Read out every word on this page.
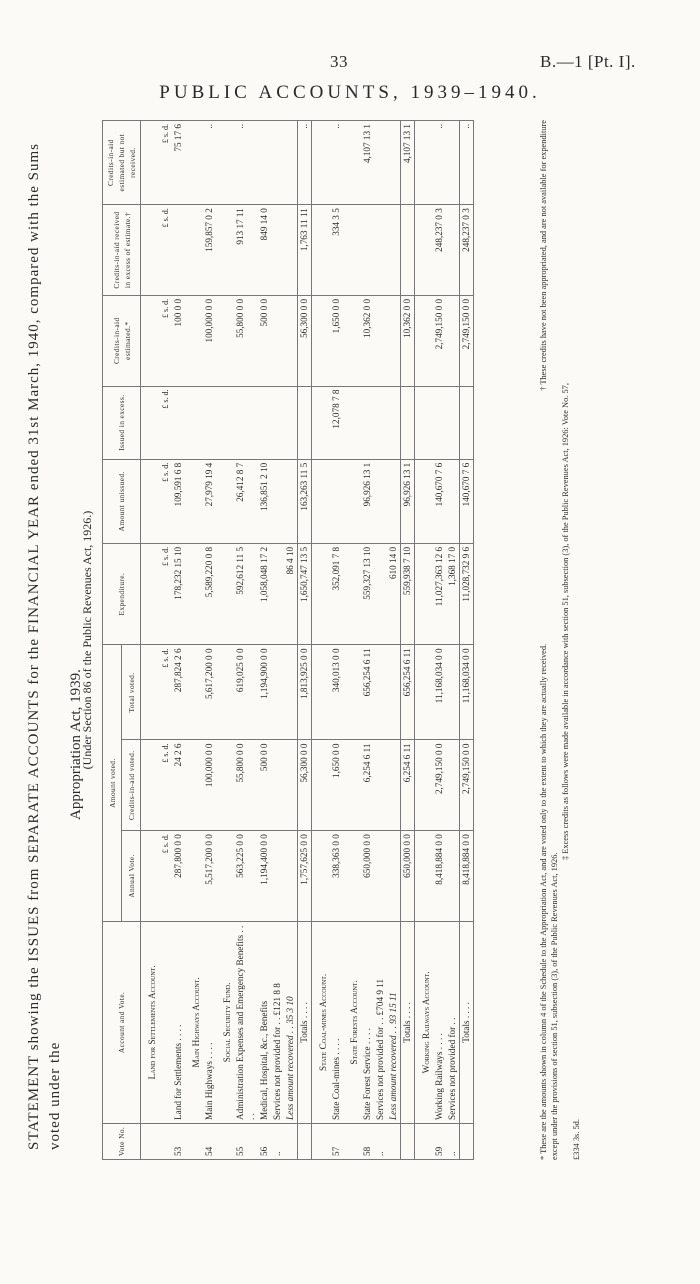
33	B.—1 [Pt. I].
PUBLIC ACCOUNTS, 1939–1940.
STATEMENT showing the ISSUES from SEPARATE ACCOUNTS for the FINANCIAL YEAR ended 31st March, 1940, compared with the Sums voted under the
Appropriation Act, 1939.
(Under Section 86 of the Public Revenues Act, 1926.)
Vote No.	Account and Vote.	Amount voted.			Expenditure.	Amount unissued.	Issued in excess.	Credits-in-aid estimated.*	Credits-in-aid received in excess of estimate.†	Credits-in-aid estimated but not received.
		Annual Vote.	Credits-in-aid voted.	Total voted.						
	Land for Settlements Account.									
		£ s. d.	£ s. d.	£ s. d.	£ s. d.	£ s. d.	£ s. d.	£ s. d.	£ s. d.	£ s. d.
53	Land for Settlements . . . .	287,800 0 0	24 2 6	287,824 2 6	178,232 15 10	109,591 6 8		100 0 0		75 17 6
	Main Highways Account.									
54	Main Highways . . . .	5,517,200 0 0	100,000 0 0	5,617,200 0 0	5,589,220 0 8	27,979 19 4		100,000 0 0	159,857 0 2	..
	Social Security Fund.									
55	Administration Expenses and Emergency Benefits . . . .	563,225 0 0	55,800 0 0	619,025 0 0	592,612 11 5	26,412 8 7		55,800 0 0	913 17 11	..
56	Medical, Hospital, &c., Benefits	1,194,400 0 0	500 0 0	1,194,900 0 0	1,058,048 17 2	136,851 2 10		500 0 0	849 14 0	
..	Services not provided for . . £121 8 8									
	Less amount recovered . . 35 3 10				86 4 10					
	Totals . . . .	1,757,625 0 0	56,300 0 0	1,813,925 0 0	1,650,747 13 5	163,263 11 5		56,300 0 0	1,763 11 11	..
	State Coal-mines Account.									
57	State Coal-mines . . . .	338,363 0 0	1,650 0 0	340,013 0 0	352,091 7 8		12,078 7 8	1,650 0 0	334 3 5	..
	State Forests Account.									
58	State Forest Service . . . .	650,000 0 0	6,254 6 11	656,254 6 11	559,327 13 10	96,926 13 1		10,362 0 0		4,107 13 1
..	Services not provided for . . £704 9 11									
	Less amount recovered . . 93 15 11				610 14 0					
	Totals . . . .	650,000 0 0	6,254 6 11	656,254 6 11	559,938 7 10	96,926 13 1		10,362 0 0		4,107 13 1
	Working Railways Account.									
59	Working Railways . . . .	8,418,884 0 0	2,749,150 0 0	11,168,034 0 0	11,027,363 12 6	140,670 7 6		2,749,150 0 0	248,237 0 3	..
..	Services not provided for . .				1,368 17 0					
	Totals . . . .	8,418,884 0 0	2,749,150 0 0	11,168,034 0 0	11,028,732 9 6	140,670 7 6		2,749,150 0 0	248,237 0 3	..
* These are the amounts shown in column 4 of the Schedule to the Appropriation Act, and are voted only to the extent to which they are actually received.
† These credits have not been appropriated, and are not available for expenditure
except under the provisions of section 51, subsection (3), of the Public Revenues Act, 1926.
‡ Excess credits as follows were made available in accordance with section 51, subsection (3), of the Public Revenues Act, 1926: Vote No. 57,
£334 3s. 5d.
